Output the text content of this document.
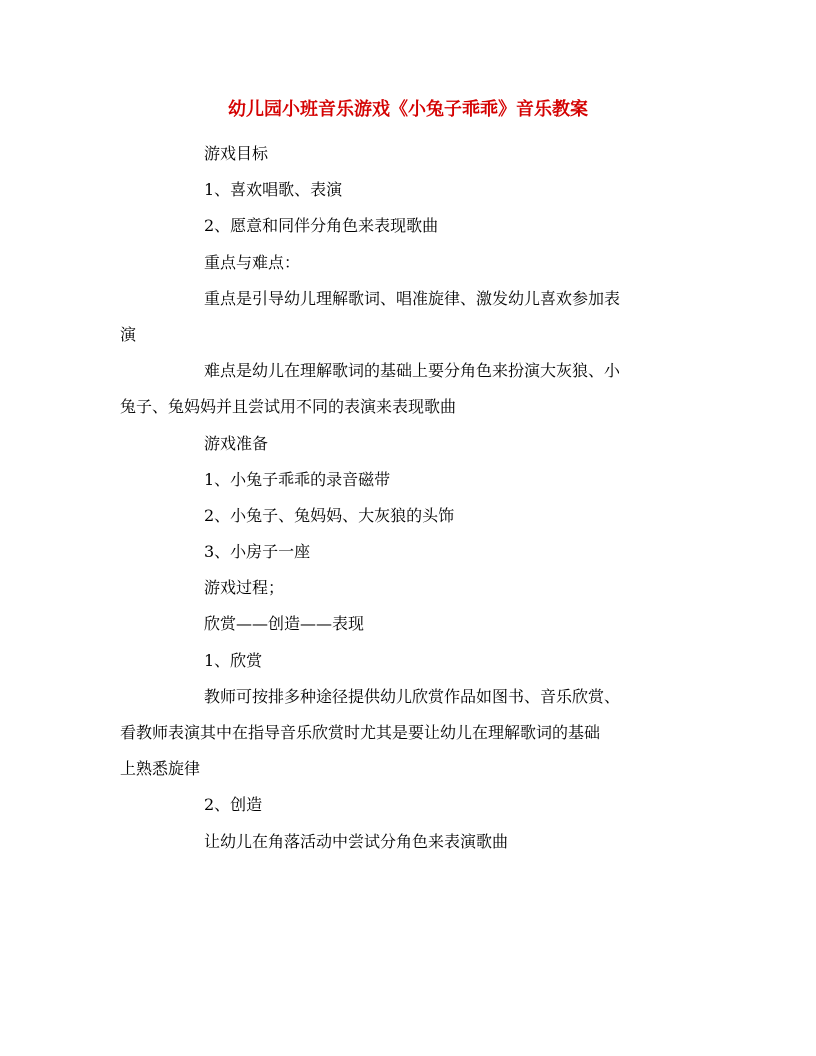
幼儿园小班音乐游戏《小兔子乖乖》音乐教案
游戏目标
1、喜欢唱歌、表演
2、愿意和同伴分角色来表现歌曲
重点与难点：
重点是引导幼儿理解歌词、唱准旋律、激发幼儿喜欢参加表
演
难点是幼儿在理解歌词的基础上要分角色来扮演大灰狼、小
兔子、兔妈妈并且尝试用不同的表演来表现歌曲
游戏准备
1、小兔子乖乖的录音磁带
2、小兔子、兔妈妈、大灰狼的头饰
3、小房子一座
游戏过程；
欣赏——创造——表现
1、欣赏
教师可按排多种途径提供幼儿欣赏作品如图书、音乐欣赏、
看教师表演其中在指导音乐欣赏时尤其是要让幼儿在理解歌词的基础
上熟悉旋律
2、创造
让幼儿在角落活动中尝试分角色来表演歌曲
